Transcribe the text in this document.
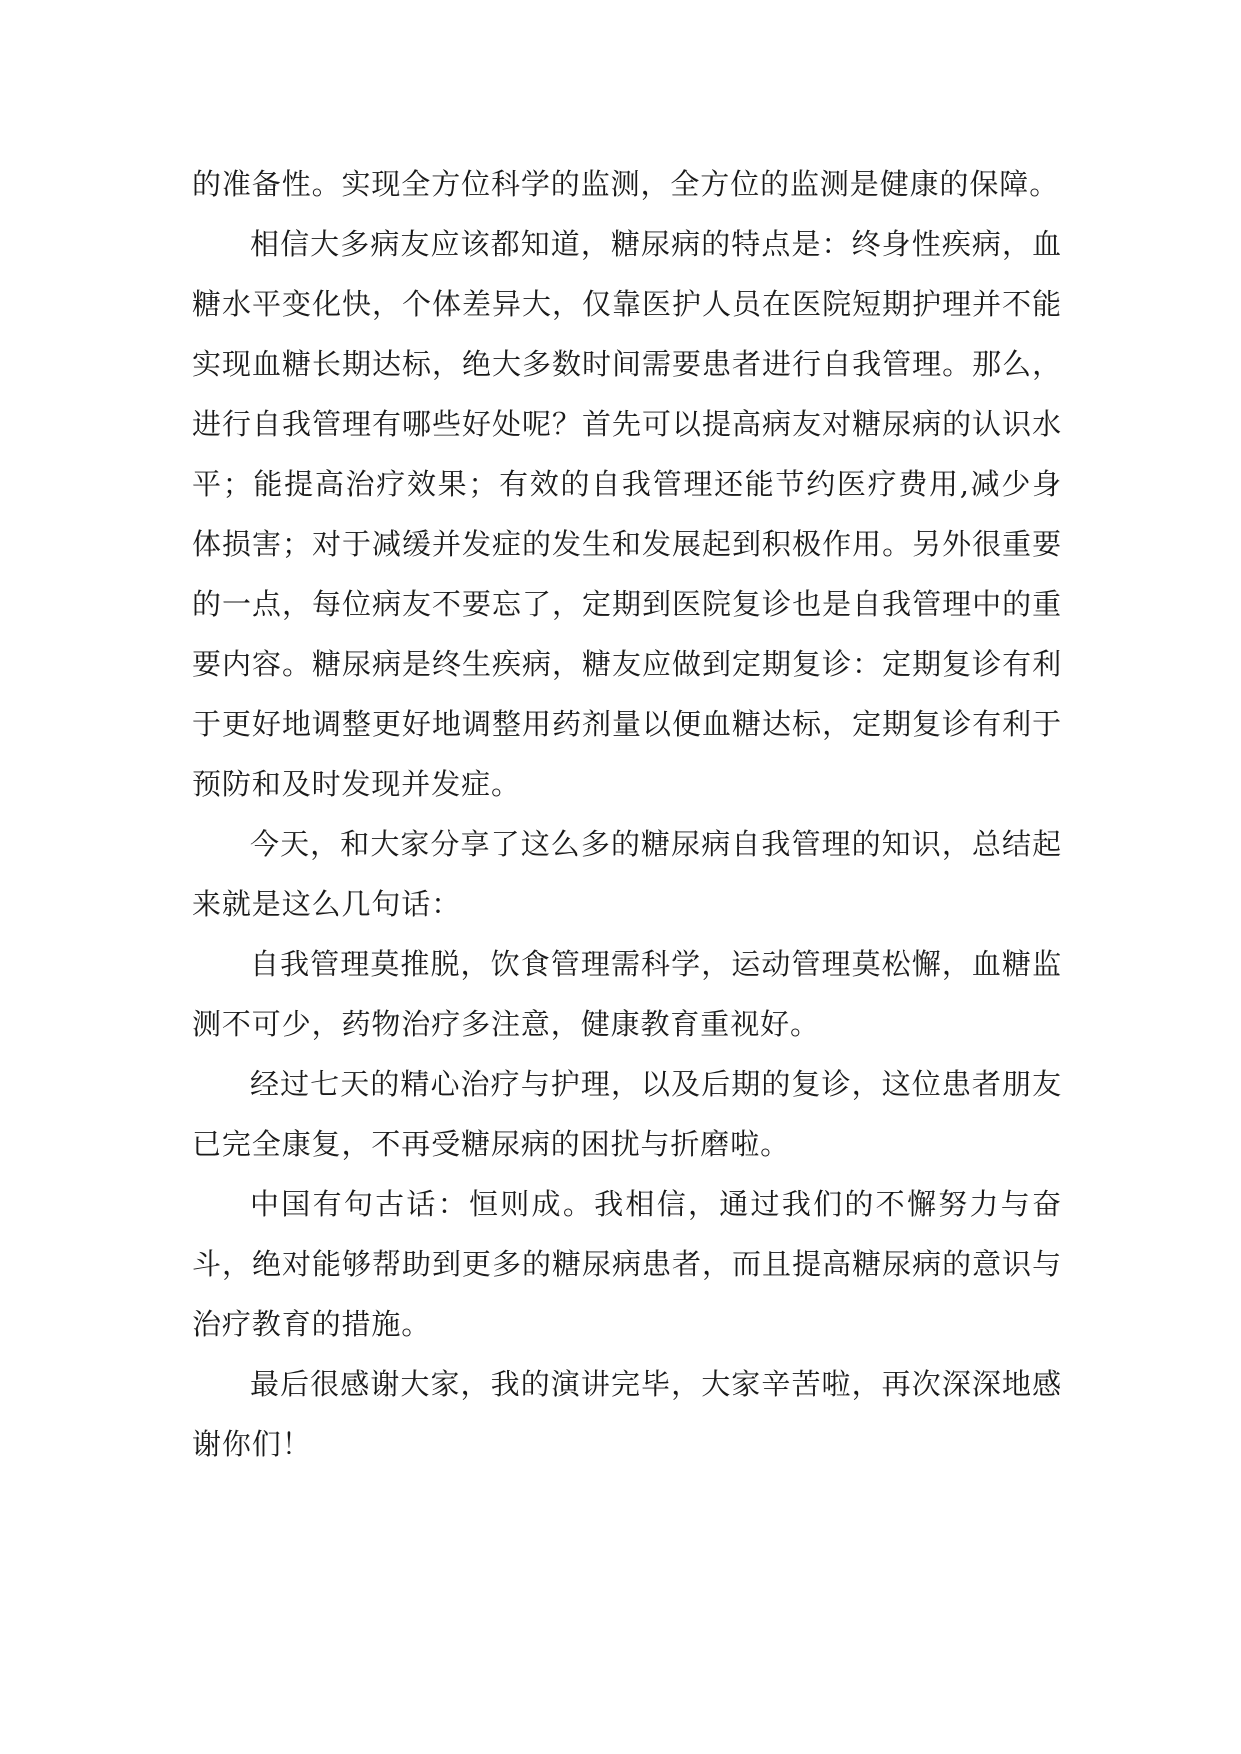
的准备性。实现全方位科学的监测，全方位的监测是健康的保障。

相信大多病友应该都知道，糖尿病的特点是：终身性疾病，血糖水平变化快，个体差异大，仅靠医护人员在医院短期护理并不能实现血糖长期达标，绝大多数时间需要患者进行自我管理。那么，进行自我管理有哪些好处呢？首先可以提高病友对糖尿病的认识水平；能提高治疗效果；有效的自我管理还能节约医疗费用,减少身体损害；对于减缓并发症的发生和发展起到积极作用。另外很重要的一点，每位病友不要忘了，定期到医院复诊也是自我管理中的重要内容。糖尿病是终生疾病，糖友应做到定期复诊：定期复诊有利于更好地调整更好地调整用药剂量以便血糖达标，定期复诊有利于预防和及时发现并发症。

今天，和大家分享了这么多的糖尿病自我管理的知识，总结起来就是这么几句话：

自我管理莫推脱，饮食管理需科学，运动管理莫松懈，血糖监测不可少，药物治疗多注意，健康教育重视好。

经过七天的精心治疗与护理，以及后期的复诊，这位患者朋友已完全康复，不再受糖尿病的困扰与折磨啦。

中国有句古话：恒则成。我相信，通过我们的不懈努力与奋斗，绝对能够帮助到更多的糖尿病患者，而且提高糖尿病的意识与治疗教育的措施。

最后很感谢大家，我的演讲完毕，大家辛苦啦，再次深深地感谢你们！
